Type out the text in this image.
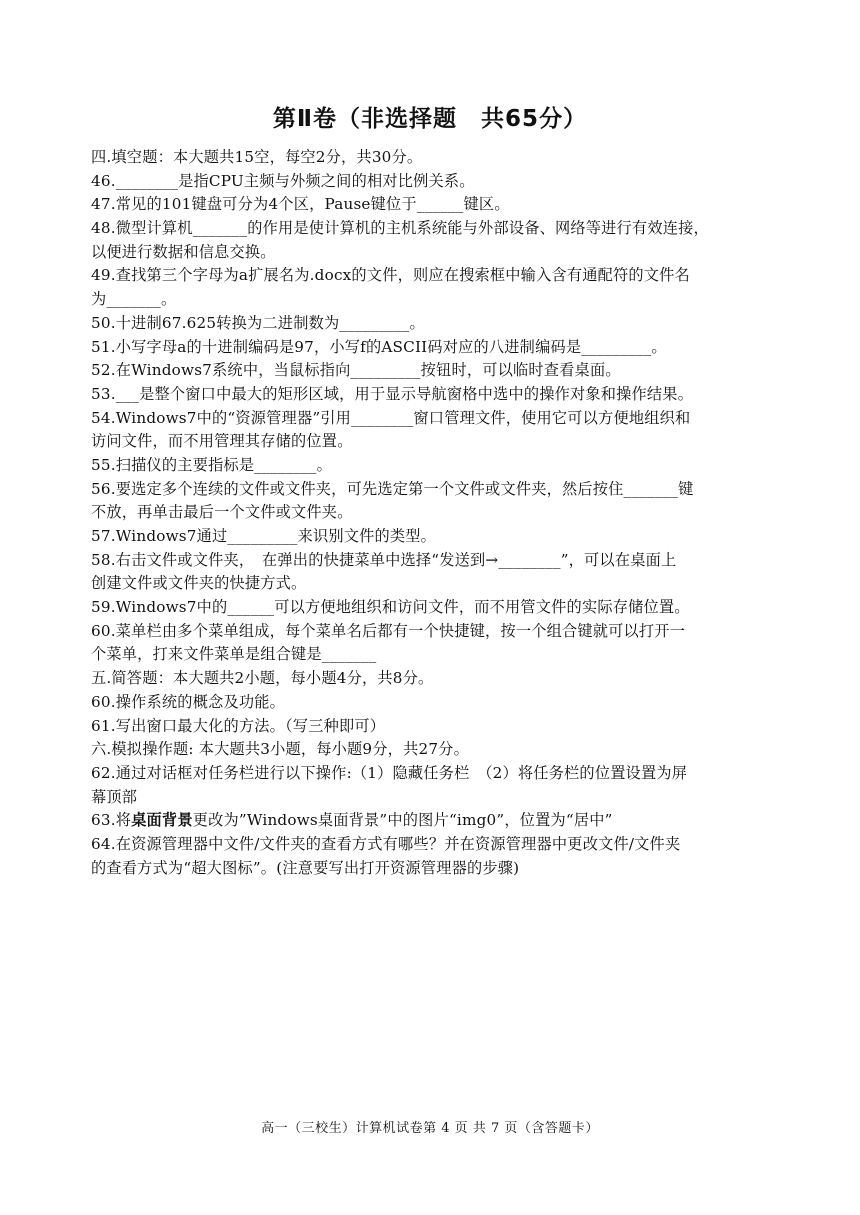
第Ⅱ卷（非选择题　共65分）
四.填空题：本大题共15空，每空2分，共30分。
46.________是指CPU主频与外频之间的相对比例关系。
47.常见的101键盘可分为4个区，Pause键位于______键区。
48.微型计算机_______的作用是使计算机的主机系统能与外部设备、网络等进行有效连接，
以便进行数据和信息交换。
49.查找第三个字母为a扩展名为.docx的文件，则应在搜索框中输入含有通配符的文件名
为_______。
50.十进制67.625转换为二进制数为_________。
51.小写字母a的十进制编码是97，小写f的ASCII码对应的八进制编码是_________。
52.在Windows7系统中，当鼠标指向_________按钮时，可以临时查看桌面。
53.___是整个窗口中最大的矩形区域，用于显示导航窗格中选中的操作对象和操作结果。
54.Windows7中的“资源管理器”引用________窗口管理文件，使用它可以方便地组织和
访问文件，而不用管理其存储的位置。
55.扫描仪的主要指标是________。
56.要选定多个连续的文件或文件夹，可先选定第一个文件或文件夹，然后按住_______键
不放，再单击最后一个文件或文件夹。
57.Windows7通过_________来识别文件的类型。
58.右击文件或文件夹，　在弹出的快捷菜单中选择“发送到→________”，可以在桌面上
创建文件或文件夹的快捷方式。
59.Windows7中的______可以方便地组织和访问文件，而不用管文件的实际存储位置。
60.菜单栏由多个菜单组成，每个菜单名后都有一个快捷键，按一个组合键就可以打开一
个菜单，打来文件菜单是组合键是_______
五.简答题：本大题共2小题，每小题4分，共8分。
60.操作系统的概念及功能。
61.写出窗口最大化的方法。（写三种即可）
六.模拟操作题: 本大题共3小题，每小题9分，共27分。
62.通过对话框对任务栏进行以下操作:（1）隐藏任务栏　（2）将任务栏的位置设置为屏
幕顶部
63.将桌面背景更改为”Windows桌面背景”中的图片“img0”，位置为“居中”
64.在资源管理器中文件/文件夹的查看方式有哪些？并在资源管理器中更改文件/文件夹
的查看方式为“超大图标”。(注意要写出打开资源管理器的步骤)
高一（三校生）计算机试卷第 4 页 共 7 页（含答题卡）
